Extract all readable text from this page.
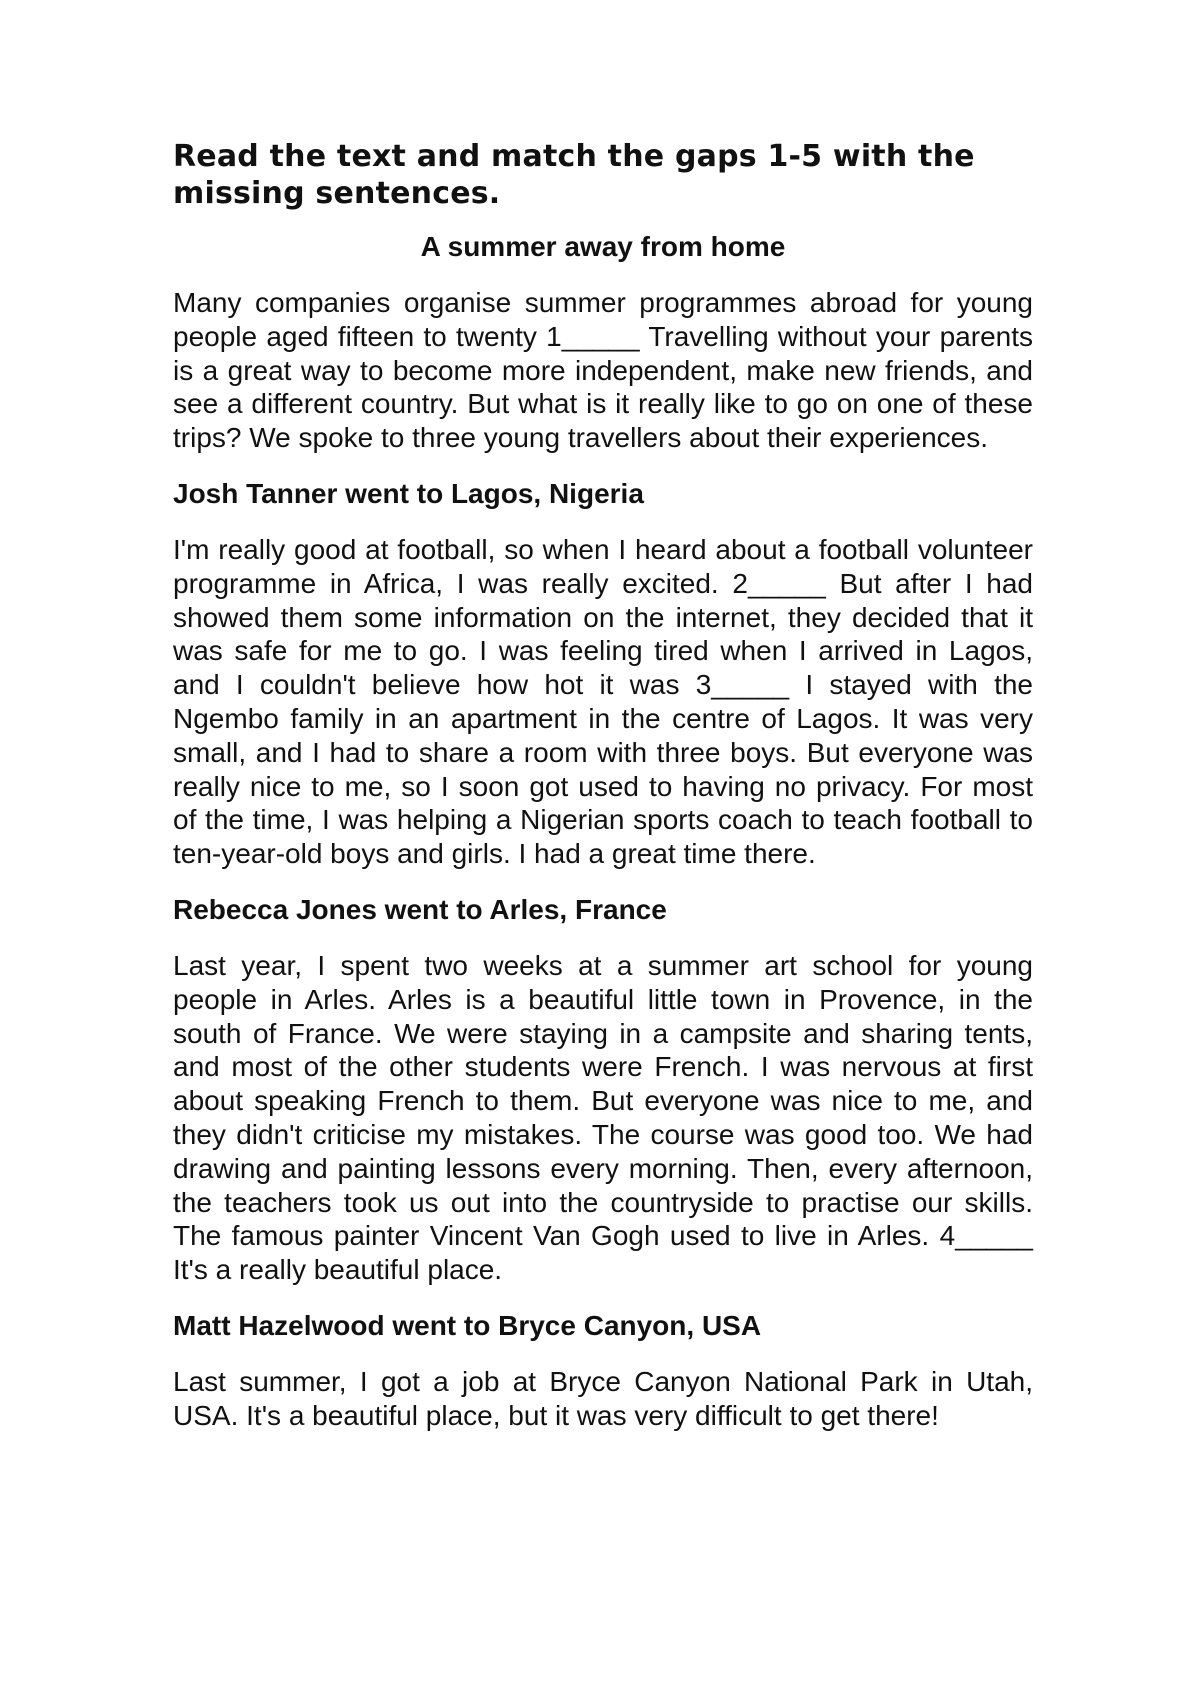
Read the text and match the gaps 1-5 with the missing sentences.
A summer away from home
Many companies organise summer programmes abroad for young people aged fifteen to twenty 1_____ Travelling without your parents is a great way to become more independent, make new friends, and see a different country. But what is it really like to go on one of these trips? We spoke to three young travellers about their experiences.
Josh Tanner went to Lagos, Nigeria
I'm really good at football, so when I heard about a football volunteer programme in Africa, I was really excited. 2_____ But after I had showed them some information on the internet, they decided that it was safe for me to go. I was feeling tired when I arrived in Lagos, and I couldn't believe how hot it was 3_____ I stayed with the Ngembo family in an apartment in the centre of Lagos. It was very small, and I had to share a room with three boys. But everyone was really nice to me, so I soon got used to having no privacy. For most of the time, I was helping a Nigerian sports coach to teach football to ten-year-old boys and girls. I had a great time there.
Rebecca Jones went to Arles, France
Last year, I spent two weeks at a summer art school for young people in Arles. Arles is a beautiful little town in Provence, in the south of France. We were staying in a campsite and sharing tents, and most of the other students were French. I was nervous at first about speaking French to them. But everyone was nice to me, and they didn't criticise my mistakes. The course was good too. We had drawing and painting lessons every morning. Then, every afternoon, the teachers took us out into the countryside to practise our skills. The famous painter Vincent Van Gogh used to live in Arles. 4_____ It's a really beautiful place.
Matt Hazelwood went to Bryce Canyon, USA
Last summer, I got a job at Bryce Canyon National Park in Utah, USA. It's a beautiful place, but it was very difficult to get there!
